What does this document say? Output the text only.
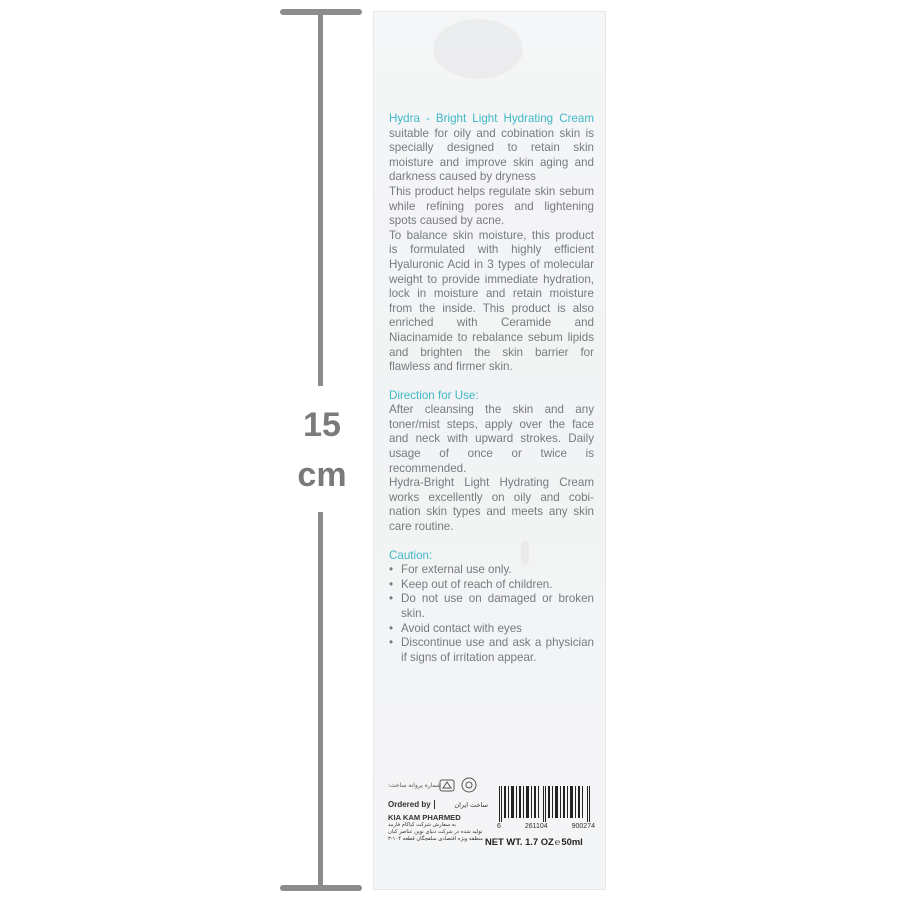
15
cm

Hydra - Bright Light Hydrating Cream suitable for oily and cobination skin is specially designed to retain skin moisture and improve skin aging and darkness caused by dryness

This product helps regulate skin sebum while refining pores and lightening spots caused by acne.

To balance skin moisture, this product is formulated with highly efficient Hyaluronic Acid in 3 types of molecular weight to provide immediate hydration, lock in moisture and retain moisture from the inside. This product is also enriched with Ceramide and Niacinamide to rebalance sebum lipids and brighten the skin barrier for flawless and firmer skin.

Direction for Use:

After cleansing the skin and any toner/mist steps, apply over the face and neck with upward strokes. Daily usage of once or twice is recommended.

Hydra-Bright Light Hydrating Cream works excellently on oily and cobi-nation skin types and meets any skin care routine.

Caution:

• For external use only.
• Keep out of reach of children.
• Do not use on damaged or broken skin.
• Avoid contact with eyes
• Discontinue use and ask a physician if signs of irritation appear.
شماره پروانه ساخت:
Ordered by	ساخت ایران
KIA KAM PHARMED
به سفارش شرکت کیاکام فارمد
تولید شده در شرکت دنیای نوین عناصر کیان
منطقه ویژه اقتصادی سلفچگان قطعه ۱۰۴-۳
6	261104	900274
NET WT. 1.7 OZ℮50ml
